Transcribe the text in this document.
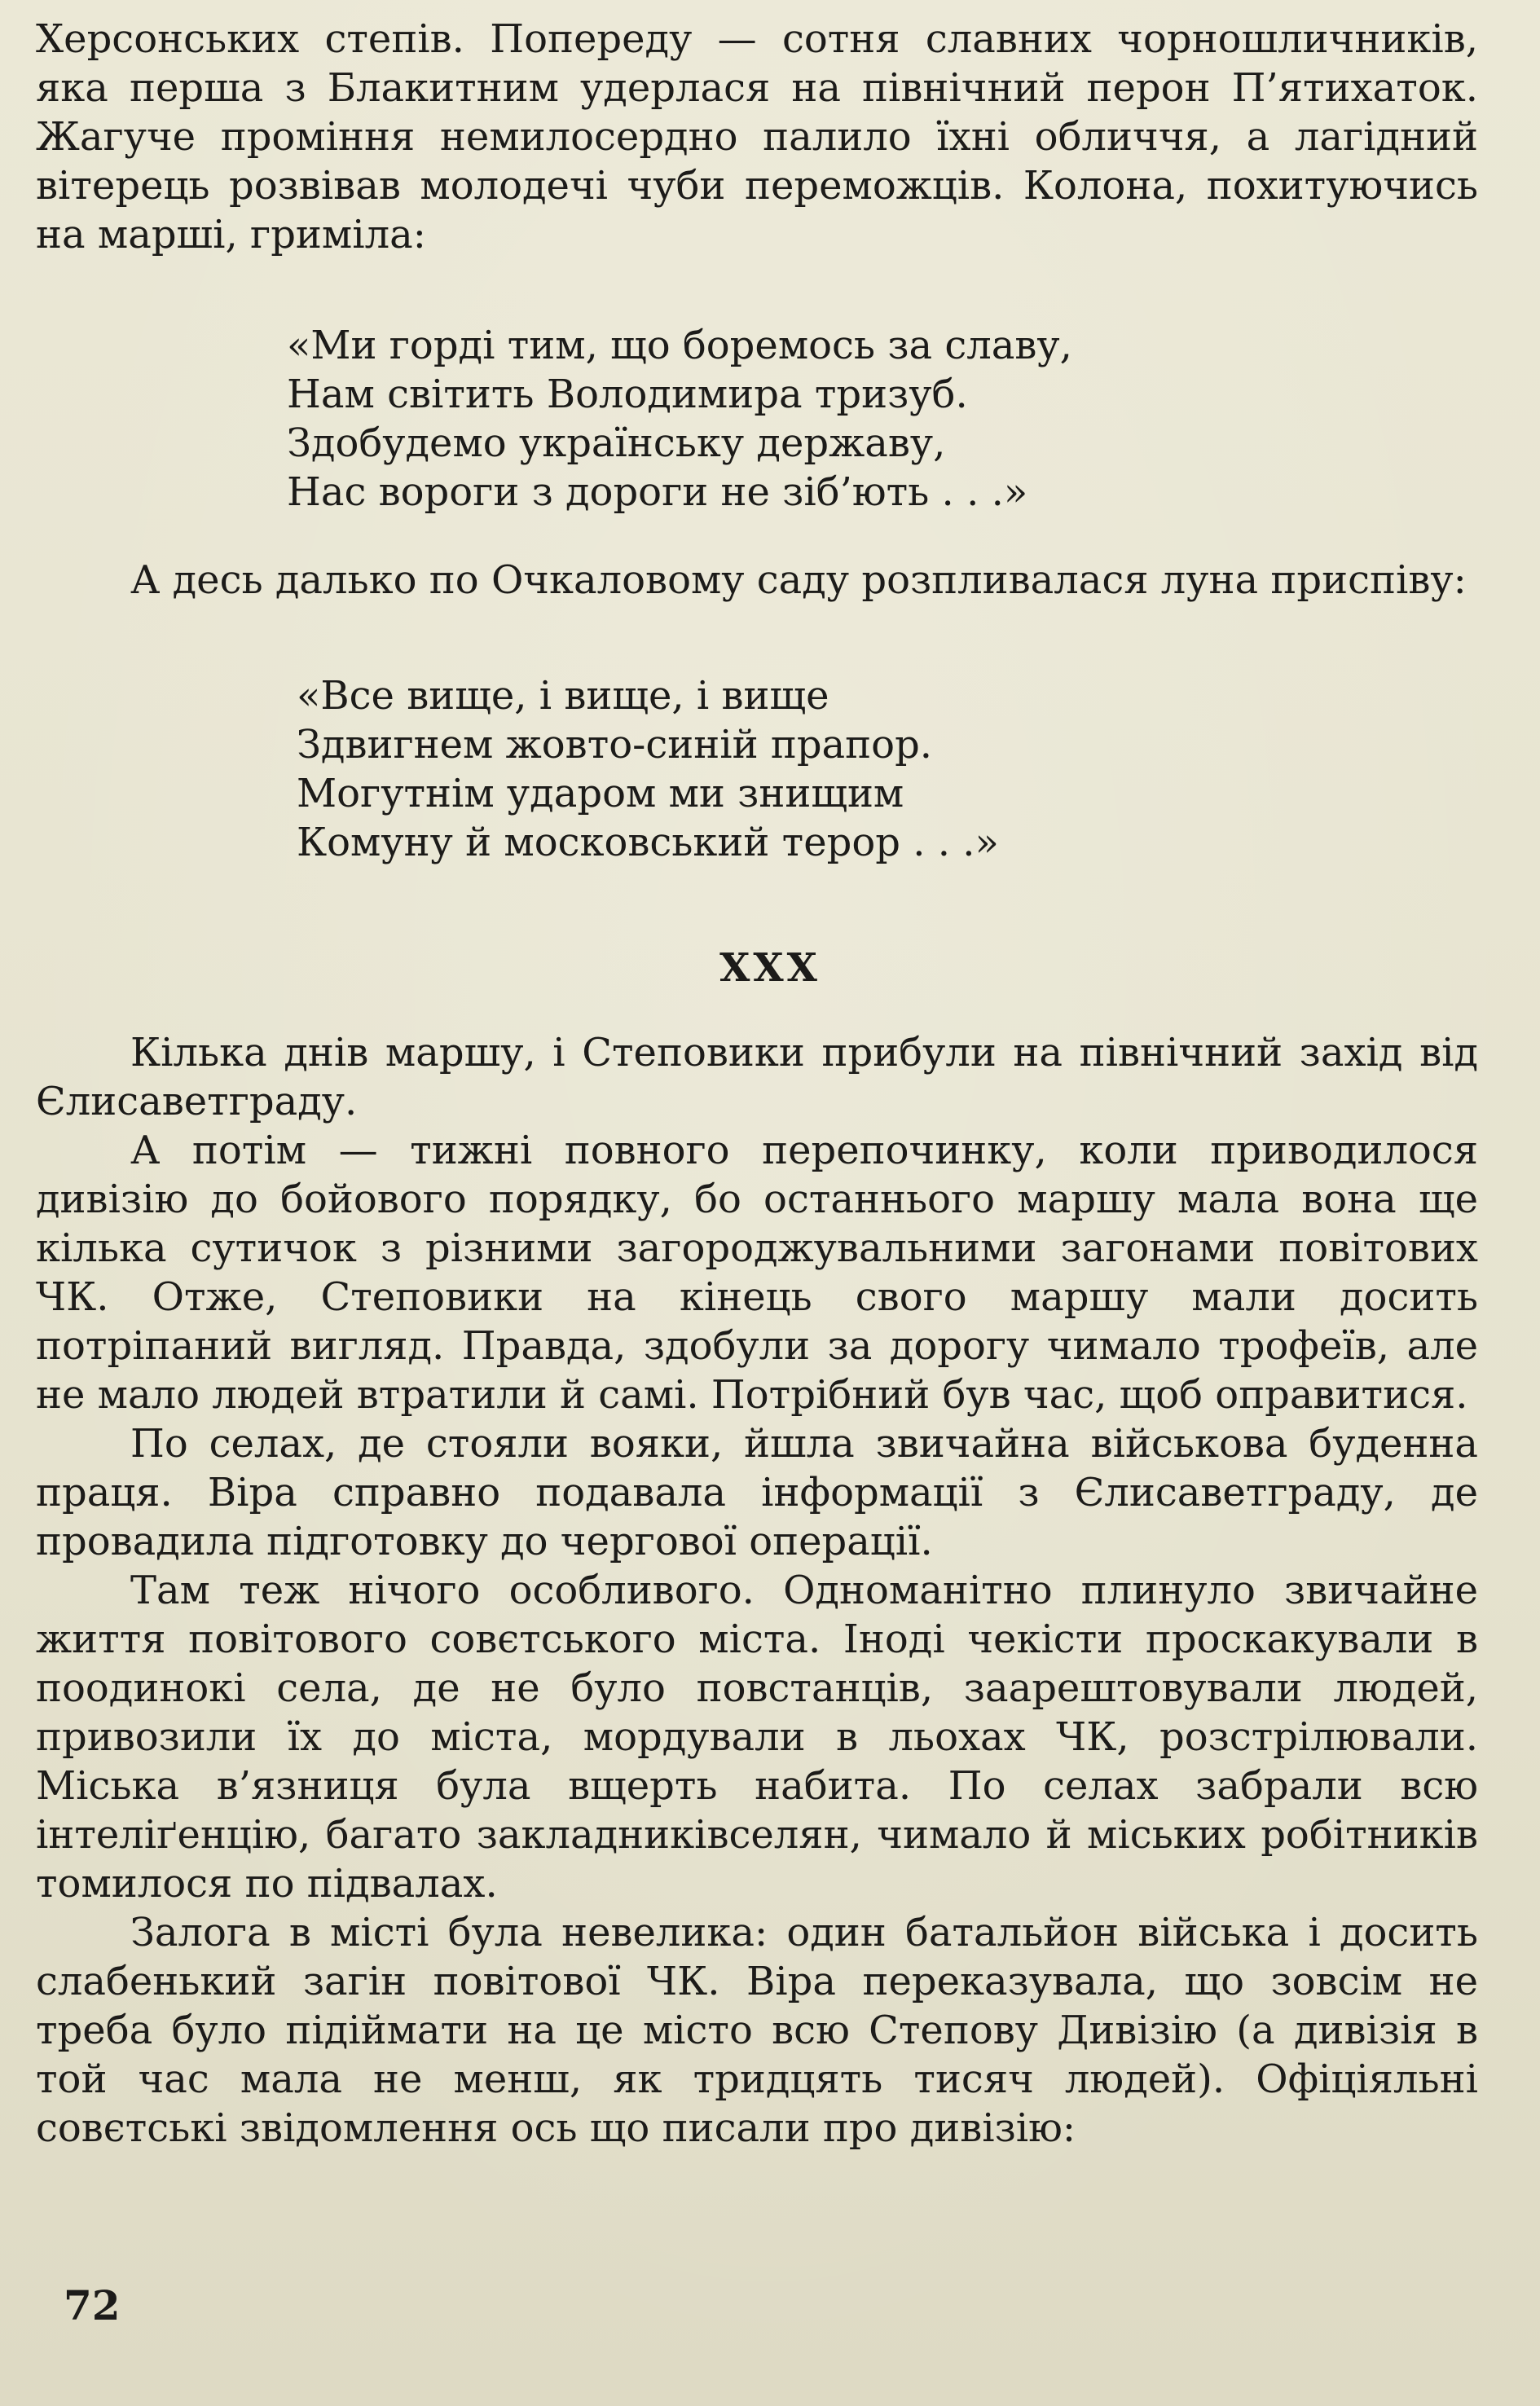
Херсонських степів. Попереду — сотня славних чорношличників, яка перша з Блакитним удерлася на північний перон П’ятихаток. Жагуче проміння немилосердно палило їхні обличчя, а лагідний вітерець розвівав молодечі чуби переможців. Колона, похитуючись на марші, гриміла:

«Ми горді тим, що боремось за славу,
Нам світить Володимира тризуб.
Здобудемо українську державу,
Нас вороги з дороги не зіб’ють . . .»

А десь далько по Очкаловому саду розпливалася луна приспіву:

«Все вище, і вище, і вище
Здвигнем жовто-синій прапор.
Могутнім ударом ми знищим
Комуну й московський терор . . .»
XXX

Кілька днів маршу, і Степовики прибули на північний захід від Єлисаветграду.

А потім — тижні повного перепочинку, коли приводилося дивізію до бойового порядку, бо останнього маршу мала вона ще кілька сутичок з різними загороджувальними загонами повітових ЧК. Отже, Степовики на кінець свого маршу мали досить потріпаний вигляд. Правда, здобули за дорогу чимало трофеїв, але не мало людей втратили й самі. Потрібний був час, щоб оправитися.

По селах, де стояли вояки, йшла звичайна військова буденна праця. Віра справно подавала інформації з Єлисаветграду, де провадила підготовку до чергової операції.

Там теж нічого особливого. Одноманітно плинуло звичайне життя повітового совєтського міста. Іноді чекісти проскакували в поодинокі села, де не було повстанців, заарештовували людей, привозили їх до міста, мордували в льохах ЧК, розстрілювали. Міська в’язниця була вщерть набита. По селах забрали всю інтеліґенцію, багато закладниківселян, чимало й міських робітників томилося по підвалах.

Залога в місті була невелика: один батальйон війська і досить слабенький загін повітової ЧК. Віра переказувала, що зовсім не треба було підіймати на це місто всю Степову Дивізію (а дивізія в той час мала не менш, як тридцять тисяч людей). Офіціяльні совєтські звідомлення ось що писали про дивізію:

72
